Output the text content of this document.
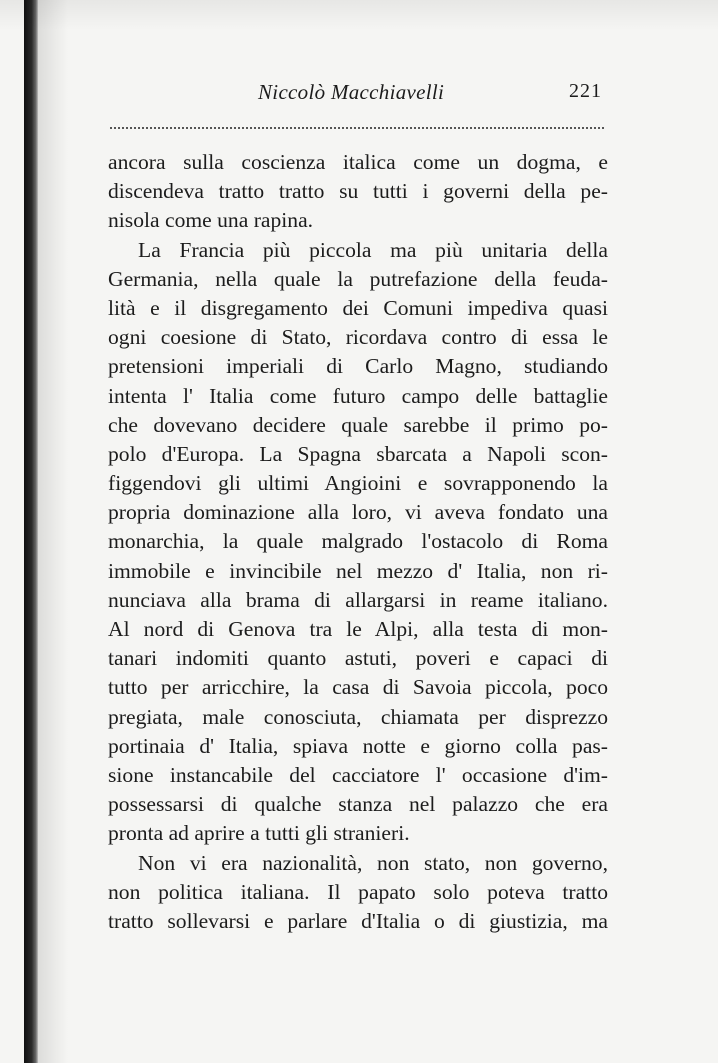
Niccolò Macchiavelli	221
ancora sulla coscienza italica come un dogma, e
discendeva tratto tratto su tutti i governi della pe-
nisola come una rapina.
La Francia più piccola ma più unitaria della
Germania, nella quale la putrefazione della feuda-
lità e il disgregamento dei Comuni impediva quasi
ogni coesione di Stato, ricordava contro di essa le
pretensioni imperiali di Carlo Magno, studiando
intenta l' Italia come futuro campo delle battaglie
che dovevano decidere quale sarebbe il primo po-
polo d'Europa. La Spagna sbarcata a Napoli scon-
figgendovi gli ultimi Angioini e sovrapponendo la
propria dominazione alla loro, vi aveva fondato una
monarchia, la quale malgrado l'ostacolo di Roma
immobile e invincibile nel mezzo d' Italia, non ri-
nunciava alla brama di allargarsi in reame italiano.
Al nord di Genova tra le Alpi, alla testa di mon-
tanari indomiti quanto astuti, poveri e capaci di
tutto per arricchire, la casa di Savoia piccola, poco
pregiata, male conosciuta, chiamata per disprezzo
portinaia d' Italia, spiava notte e giorno colla pas-
sione instancabile del cacciatore l' occasione d'im-
possessarsi di qualche stanza nel palazzo che era
pronta ad aprire a tutti gli stranieri.
Non vi era nazionalità, non stato, non governo,
non politica italiana. Il papato solo poteva tratto
tratto sollevarsi e parlare d'Italia o di giustizia, ma
